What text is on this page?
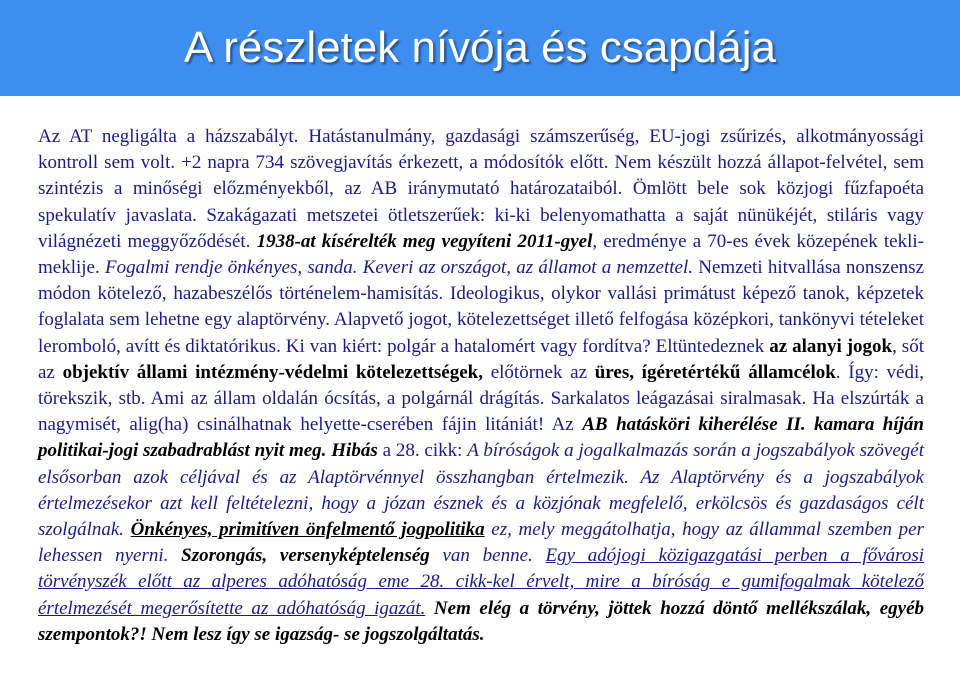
A részletek nívója és csapdája

Az AT negligálta a házszabályt. Hatástanulmány, gazdasági számszerűség, EU-jogi zsűrizés, alkotmányossági kontroll sem volt. +2 napra 734 szövegjavítás érkezett, a módosítók előtt. Nem készült hozzá állapot-felvétel, sem szintézis a minőségi előzményekből, az AB iránymutató határozataiból. Ömlött bele sok közjogi fűzfapoéta spekulatív javaslata. Szakágazati metszetei ötletszerűek: ki-ki belenyomathatta a saját nünükéjét, stiláris vagy világnézeti meggyőződését. 1938-at kísérelték meg vegyíteni 2011-gyel, eredménye a 70-es évek közepének tekli-meklije. Fogalmi rendje önkényes, sanda. Keveri az országot, az államot a nemzettel. Nemzeti hitvallása nonszensz módon kötelező, hazabeszélős történelem-hamisítás. Ideologikus, olykor vallási primátust képező tanok, képzetek foglalata sem lehetne egy alaptörvény. Alapvető jogot, kötelezettséget illető felfogása középkori, tankönyvi tételeket leromboló, avítt és diktatórikus. Ki van kiért: polgár a hatalomért vagy fordítva? Eltüntedeznek az alanyi jogok, sőt az objektív állami intézmény-védelmi kötelezettségek, előtörnek az üres, ígéretértékű államcélok. Így: védi, törekszik, stb. Ami az állam oldalán ócsítás, a polgárnál drágítás. Sarkalatos leágazásai siralmasak. Ha elszúrták a nagymisét, alig(ha) csinálhatnak helyette-cserében fájin litániát! Az AB hatásköri kiherélése II. kamara híján politikai-jogi szabadrablást nyit meg. Hibás a 28. cikk: A bíróságok a jogalkalmazás során a jogszabályok szövegét elsősorban azok céljával és az Alaptörvénnyel összhangban értelmezik. Az Alaptörvény és a jogszabályok értelmezésekor azt kell feltételezni, hogy a józan észnek és a közjónak megfelelő, erkölcsös és gazdaságos célt szolgálnak. Önkényes, primitíven önfelmentő jogpolitika ez, mely meggátolhatja, hogy az állammal szemben per lehessen nyerni. Szorongás, versenyképtelenség van benne. Egy adójogi közigazgatási perben a fővárosi törvényszék előtt az alperes adóhatóság eme 28. cikk-kel érvelt, mire a bíróság e gumifogalmak kötelező értelmezését megerősítette az adóhatóság igazát. Nem elég a törvény, jöttek hozzá döntő mellékszálak, egyéb szempontok?! Nem lesz így se igazság- se jogszolgáltatás.
